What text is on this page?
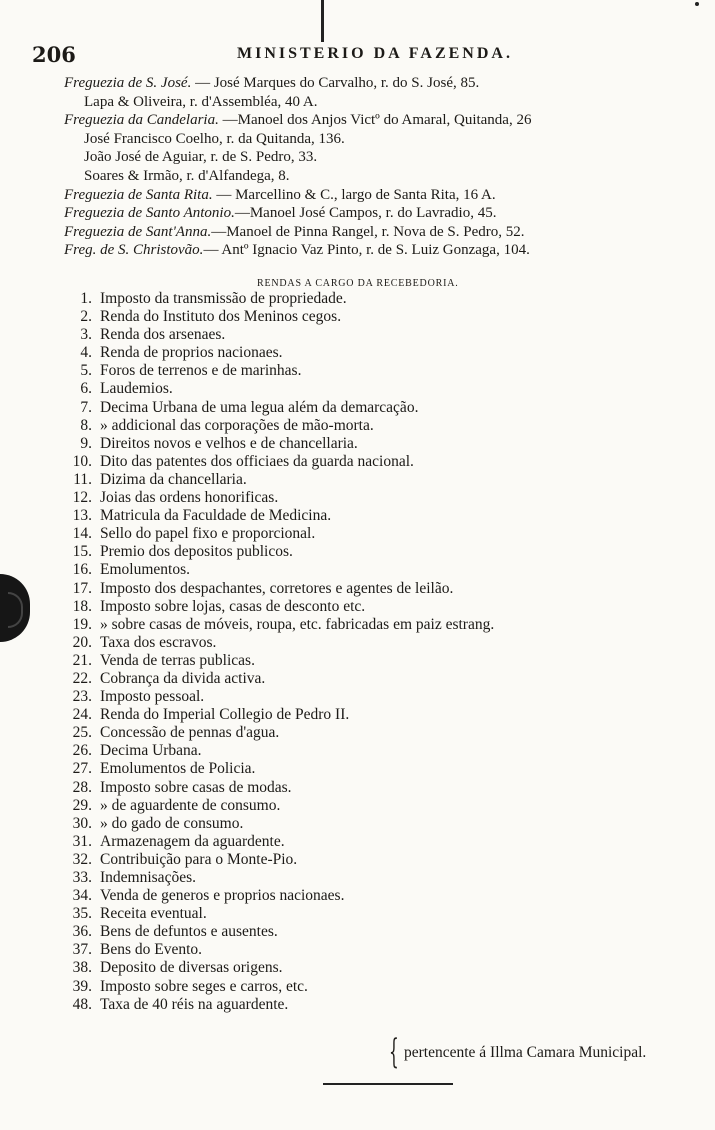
206	MINISTERIO DA FAZENDA.
Freguezia de S. José. — José Marques do Carvalho, r. do S. José, 85.
Lapa & Oliveira, r. d'Assembléa, 40 A.
Freguezia da Candelaria. —Manoel dos Anjos Victº do Amaral, Quitanda, 26
José Francisco Coelho, r. da Quitanda, 136.
João José de Aguiar, r. de S. Pedro, 33.
Soares & Irmão, r. d'Alfandega, 8.
Freguezia de Santa Rita. — Marcellino & C., largo de Santa Rita, 16 A.
Freguezia de Santo Antonio.—Manoel José Campos, r. do Lavradio, 45.
Freguezia de Sant'Anna.—Manoel de Pinna Rangel, r. Nova de S. Pedro, 52.
Freg. de S. Christovão.— Antº Ignacio Vaz Pinto, r. de S. Luiz Gonzaga, 104.
RENDAS A CARGO DA RECEBEDORIA.
1. Imposto da transmissão de propriedade.
2. Renda do Instituto dos Meninos cegos.
3. Renda dos arsenaes.
4. Renda de proprios nacionaes.
5. Foros de terrenos e de marinhas.
6. Laudemios.
7. Decima Urbana de uma legua além da demarcação.
8. » addicional das corporações de mão-morta.
9. Direitos novos e velhos e de chancellaria.
10. Dito das patentes dos officiaes da guarda nacional.
11. Dizima da chancellaria.
12. Joias das ordens honorificas.
13. Matricula da Faculdade de Medicina.
14. Sello do papel fixo e proporcional.
15. Premio dos depositos publicos.
16. Emolumentos.
17. Imposto dos despachantes, corretores e agentes de leilão.
18. Imposto sobre lojas, casas de desconto etc.
19. » sobre casas de móveis, roupa, etc. fabricadas em paiz estrang.
20. Taxa dos escravos.
21. Venda de terras publicas.
22. Cobrança da divida activa.
23. Imposto pessoal.
24. Renda do Imperial Collegio de Pedro II.
25. Concessão de pennas d'agua.
26. Decima Urbana.
27. Emolumentos de Policia.
28. Imposto sobre casas de modas.
29. » de aguardente de consumo.
30. » do gado de consumo.
31. Armazenagem da aguardente.
32. Contribuição para o Monte-Pio.
33. Indemnisações.
34. Venda de generos e proprios nacionaes.
35. Receita eventual.
36. Bens de defuntos e ausentes.
37. Bens do Evento.
38. Deposito de diversas origens.
39. Imposto sobre seges e carros, etc.
48. Taxa de 40 réis na aguardente.
{ pertencente á Illma Camara Municipal.
